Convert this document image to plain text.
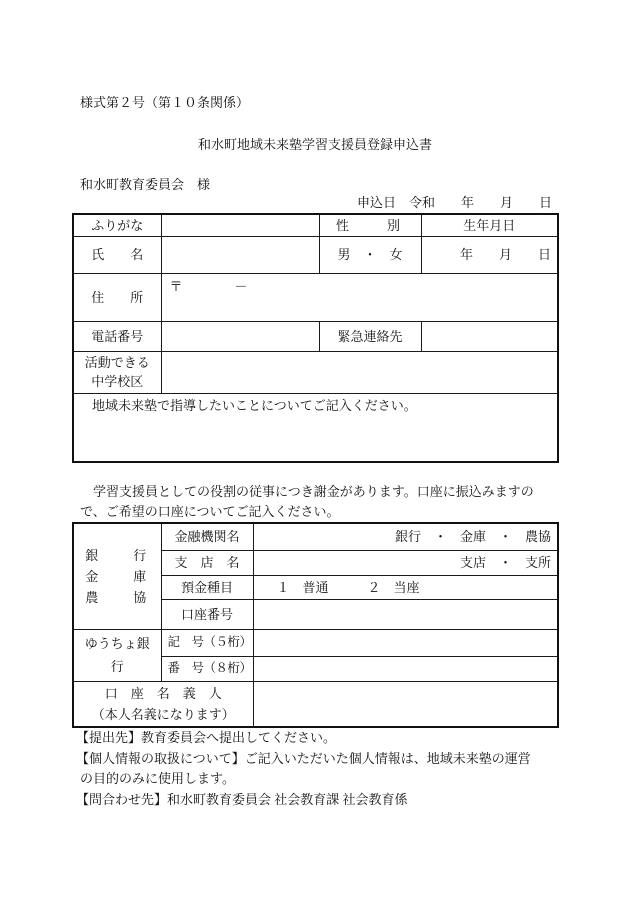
様式第２号（第１０条関係）
和水町地域未来塾学習支援員登録申込書
和水町教育委員会　様
申込日　令和　　年　　月　　日
ふりがな		性　　別	生年月日
氏　　名		男　・　女	年　　月　　日
住　　所	〒　　　　－		
電話番号		緊急連絡先	

活動できる
中学校区			

地域未来塾で指導したいことについてご記入ください。			
学習支援員としての役割の従事につき謝金があります。口座に振込みますの
で、ご希望の口座についてご記入ください。
銀　　行
金　　庫
農　　協	金融機関名	銀行　・　金庫　・　農協
	支　店　名	支店　・　支所
	預金種目	１　普通　　　２　当座
	口座番号	
ゆうちょ銀行	記　号（５桁）	
	番　号（８桁）	

口　座　名　義　人
（本人名義になります）		

【提出先】教育委員会へ提出してください。
【個人情報の取扱について】ご記入いただいた個人情報は、地域未来塾の運営
の目的のみに使用します。
【問合わせ先】和水町教育委員会 社会教育課 社会教育係
